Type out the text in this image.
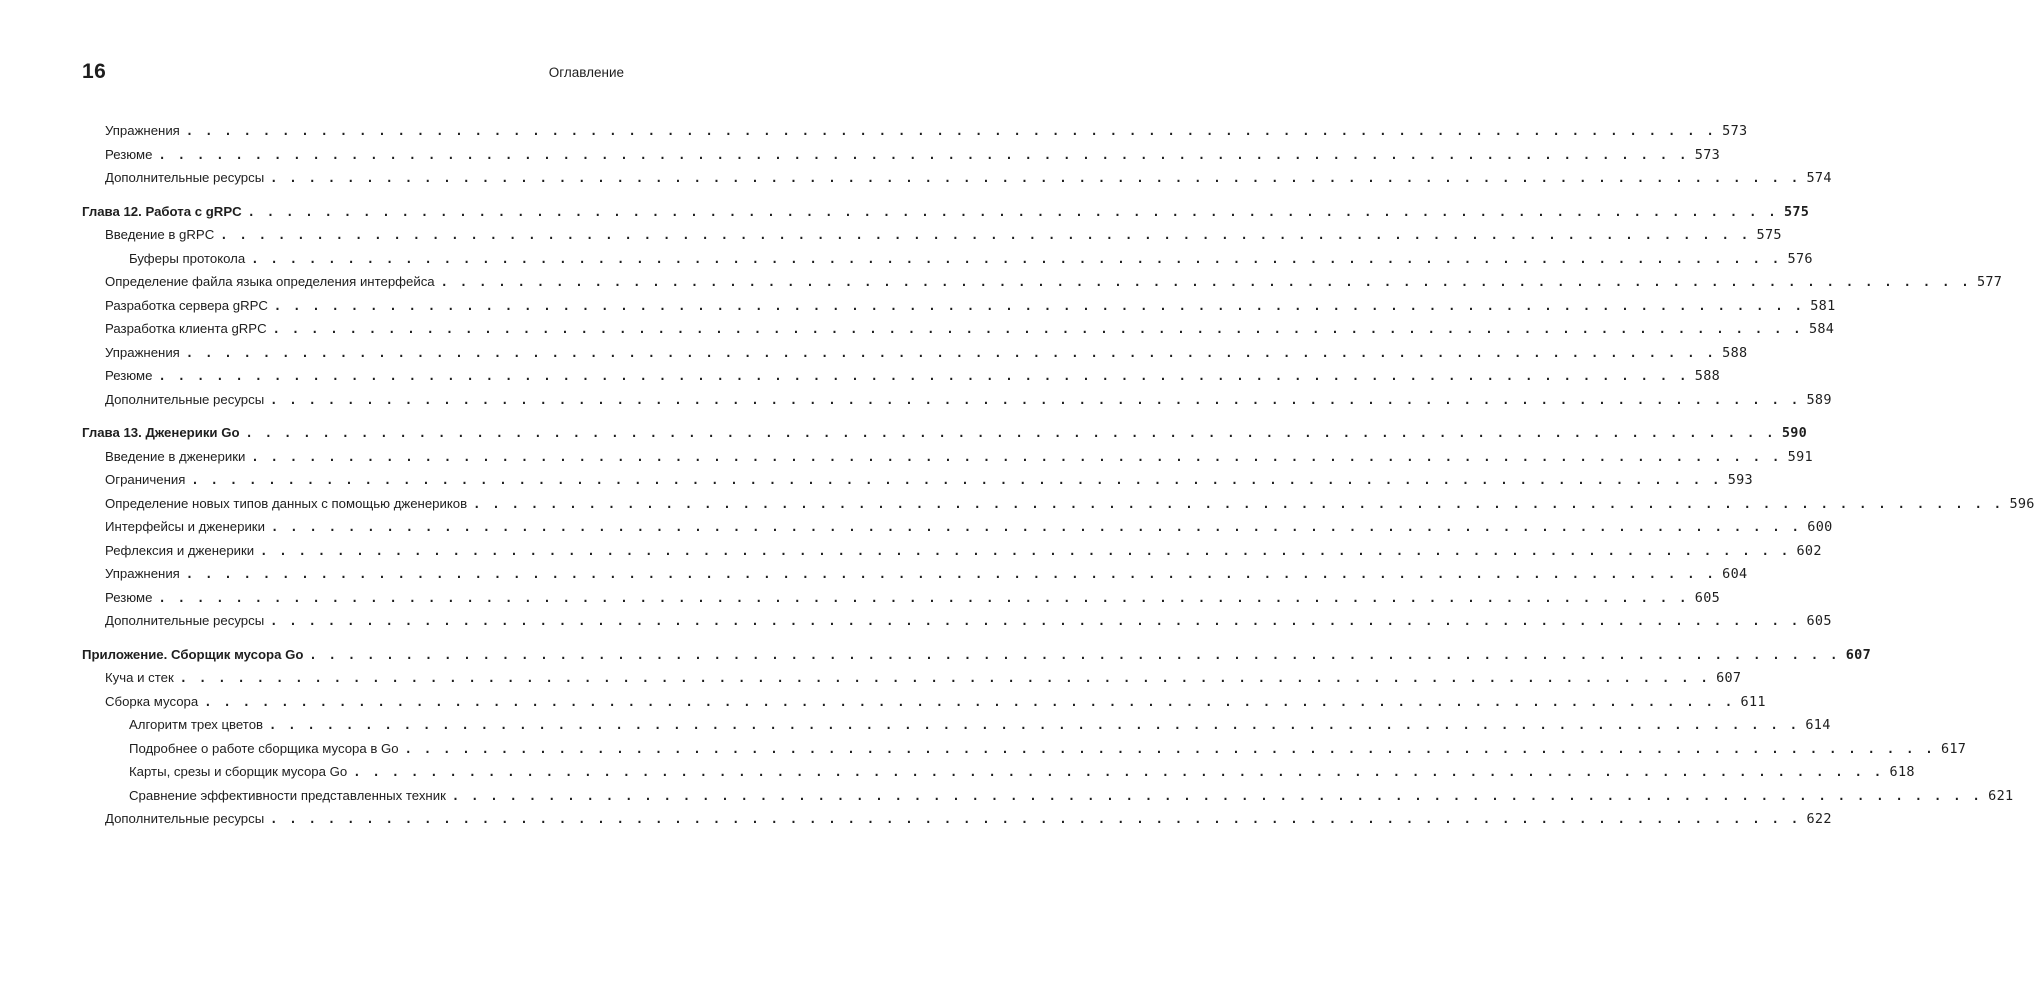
16	Оглавление
Упражнения . . . . . . . . . . . . . . . . . . . . . . . . . . . . . . . . . . . . . . . . . . . . . . . . . . . . . . . . . . . . . . . . . . . . . . . . . . . . . . . . 573
Резюме . . . . . . . . . . . . . . . . . . . . . . . . . . . . . . . . . . . . . . . . . . . . . . . . . . . . . . . . . . . . . . . . . . . . . . . . . . . . . . . . 573
Дополнительные ресурсы . . . . . . . . . . . . . . . . . . . . . . . . . . . . . . . . . . . . . . . . . . . . . . . . . . . . . . . . . . . . . . . . . . . . . . . . . . . . . . . . 574
Глава 12. Работа с gRPC . . . . . . . . . . . . . . . . . . . . . . . . . . . . . . . . . . . . . . . . . . . . . . . . . . . . . . . . . . . . . . . . . . . . . . . . . . . . . . . . 575
Введение в gRPC . . . . . . . . . . . . . . . . . . . . . . . . . . . . . . . . . . . . . . . . . . . . . . . . . . . . . . . . . . . . . . . . . . . . . . . . . . . . . . . . 575
Буферы протокола . . . . . . . . . . . . . . . . . . . . . . . . . . . . . . . . . . . . . . . . . . . . . . . . . . . . . . . . . . . . . . . . . . . . . . . . . . . . . . . . 576
Определение файла языка определения интерфейса . . . . . . . . . . . . . . . . . . . . . . . . . . . . . . . . . . . . . . . . . . . . . . . . . . . . . . . . . . . . . . . . . . . . . . . . . . . . . . . . 577
Разработка сервера gRPC . . . . . . . . . . . . . . . . . . . . . . . . . . . . . . . . . . . . . . . . . . . . . . . . . . . . . . . . . . . . . . . . . . . . . . . . . . . . . . . . 581
Разработка клиента gRPC . . . . . . . . . . . . . . . . . . . . . . . . . . . . . . . . . . . . . . . . . . . . . . . . . . . . . . . . . . . . . . . . . . . . . . . . . . . . . . . . 584
Упражнения . . . . . . . . . . . . . . . . . . . . . . . . . . . . . . . . . . . . . . . . . . . . . . . . . . . . . . . . . . . . . . . . . . . . . . . . . . . . . . . . 588
Резюме . . . . . . . . . . . . . . . . . . . . . . . . . . . . . . . . . . . . . . . . . . . . . . . . . . . . . . . . . . . . . . . . . . . . . . . . . . . . . . . . 588
Дополнительные ресурсы . . . . . . . . . . . . . . . . . . . . . . . . . . . . . . . . . . . . . . . . . . . . . . . . . . . . . . . . . . . . . . . . . . . . . . . . . . . . . . . . 589
Глава 13. Дженерики Go . . . . . . . . . . . . . . . . . . . . . . . . . . . . . . . . . . . . . . . . . . . . . . . . . . . . . . . . . . . . . . . . . . . . . . . . . . . . . . . . 590
Введение в дженерики . . . . . . . . . . . . . . . . . . . . . . . . . . . . . . . . . . . . . . . . . . . . . . . . . . . . . . . . . . . . . . . . . . . . . . . . . . . . . . . . 591
Ограничения . . . . . . . . . . . . . . . . . . . . . . . . . . . . . . . . . . . . . . . . . . . . . . . . . . . . . . . . . . . . . . . . . . . . . . . . . . . . . . . . 593
Определение новых типов данных с помощью дженериков . . . . . . . . . . . . . . . . . . . . . . . . . . . . . . . . . . . . . . . . . . . . . . . . . . . . . . . . . . . . . . . . . . . . . . . . . . . . . . . . 596
Интерфейсы и дженерики . . . . . . . . . . . . . . . . . . . . . . . . . . . . . . . . . . . . . . . . . . . . . . . . . . . . . . . . . . . . . . . . . . . . . . . . . . . . . . . . 600
Рефлексия и дженерики . . . . . . . . . . . . . . . . . . . . . . . . . . . . . . . . . . . . . . . . . . . . . . . . . . . . . . . . . . . . . . . . . . . . . . . . . . . . . . . . 602
Упражнения . . . . . . . . . . . . . . . . . . . . . . . . . . . . . . . . . . . . . . . . . . . . . . . . . . . . . . . . . . . . . . . . . . . . . . . . . . . . . . . . 604
Резюме . . . . . . . . . . . . . . . . . . . . . . . . . . . . . . . . . . . . . . . . . . . . . . . . . . . . . . . . . . . . . . . . . . . . . . . . . . . . . . . . 605
Дополнительные ресурсы . . . . . . . . . . . . . . . . . . . . . . . . . . . . . . . . . . . . . . . . . . . . . . . . . . . . . . . . . . . . . . . . . . . . . . . . . . . . . . . . 605
Приложение. Сборщик мусора Go . . . . . . . . . . . . . . . . . . . . . . . . . . . . . . . . . . . . . . . . . . . . . . . . . . . . . . . . . . . . . . . . . . . . . . . . . . . . . . . . 607
Куча и стек . . . . . . . . . . . . . . . . . . . . . . . . . . . . . . . . . . . . . . . . . . . . . . . . . . . . . . . . . . . . . . . . . . . . . . . . . . . . . . . . 607
Сборка мусора . . . . . . . . . . . . . . . . . . . . . . . . . . . . . . . . . . . . . . . . . . . . . . . . . . . . . . . . . . . . . . . . . . . . . . . . . . . . . . . . 611
Алгоритм трех цветов . . . . . . . . . . . . . . . . . . . . . . . . . . . . . . . . . . . . . . . . . . . . . . . . . . . . . . . . . . . . . . . . . . . . . . . . . . . . . . . . 614
Подробнее о работе сборщика мусора в Go . . . . . . . . . . . . . . . . . . . . . . . . . . . . . . . . . . . . . . . . . . . . . . . . . . . . . . . . . . . . . . . . . . . . . . . . . . . . . . . . 617
Карты, срезы и сборщик мусора Go . . . . . . . . . . . . . . . . . . . . . . . . . . . . . . . . . . . . . . . . . . . . . . . . . . . . . . . . . . . . . . . . . . . . . . . . . . . . . . . . 618
Сравнение эффективности представленных техник . . . . . . . . . . . . . . . . . . . . . . . . . . . . . . . . . . . . . . . . . . . . . . . . . . . . . . . . . . . . . . . . . . . . . . . . . . . . . . . . 621
Дополнительные ресурсы . . . . . . . . . . . . . . . . . . . . . . . . . . . . . . . . . . . . . . . . . . . . . . . . . . . . . . . . . . . . . . . . . . . . . . . . . . . . . . . . 622
